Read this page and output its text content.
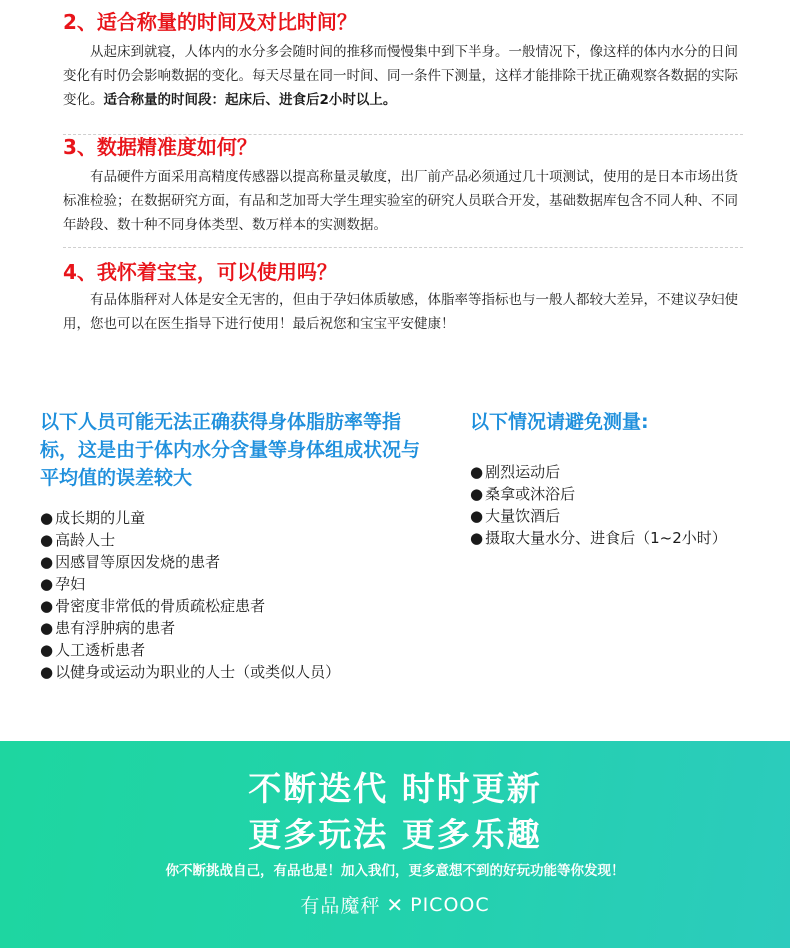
2、适合称量的时间及对比时间？

从起床到就寝，人体内的水分多会随时间的推移而慢慢集中到下半身。一般情况下，像这样的体内水分的日间变化有时仍会影响数据的变化。每天尽量在同一时间、同一条件下测量，这样才能排除干扰正确观察各数据的实际变化。适合称量的时间段：起床后、进食后2小时以上。

3、数据精准度如何？

有品硬件方面采用高精度传感器以提高称量灵敏度，出厂前产品必须通过几十项测试，使用的是日本市场出货标准检验；在数据研究方面，有品和芝加哥大学生理实验室的研究人员联合开发，基础数据库包含不同人种、不同年龄段、数十种不同身体类型、数万样本的实测数据。

4、我怀着宝宝，可以使用吗？

有品体脂秤对人体是安全无害的，但由于孕妇体质敏感，体脂率等指标也与一般人都较大差异，不建议孕妇使用，您也可以在医生指导下进行使用！最后祝您和宝宝平安健康！

以下人员可能无法正确获得身体脂肪率等指标，这是由于体内水分含量等身体组成状况与平均值的误差较大
● 成长期的儿童
● 高龄人士
● 因感冒等原因发烧的患者
● 孕妇
● 骨密度非常低的骨质疏松症患者
● 患有浮肿病的患者
● 人工透析患者
● 以健身或运动为职业的人士（或类似人员）
以下情况请避免测量:
● 剧烈运动后
● 桑拿或沐浴后
● 大量饮酒后
● 摄取大量水分、进食后（1~2小时）
不断迭代 时时更新
更多玩法 更多乐趣
你不断挑战自己，有品也是！加入我们，更多意想不到的好玩功能等你发现！
有品魔秤 ✕ PICOOC
